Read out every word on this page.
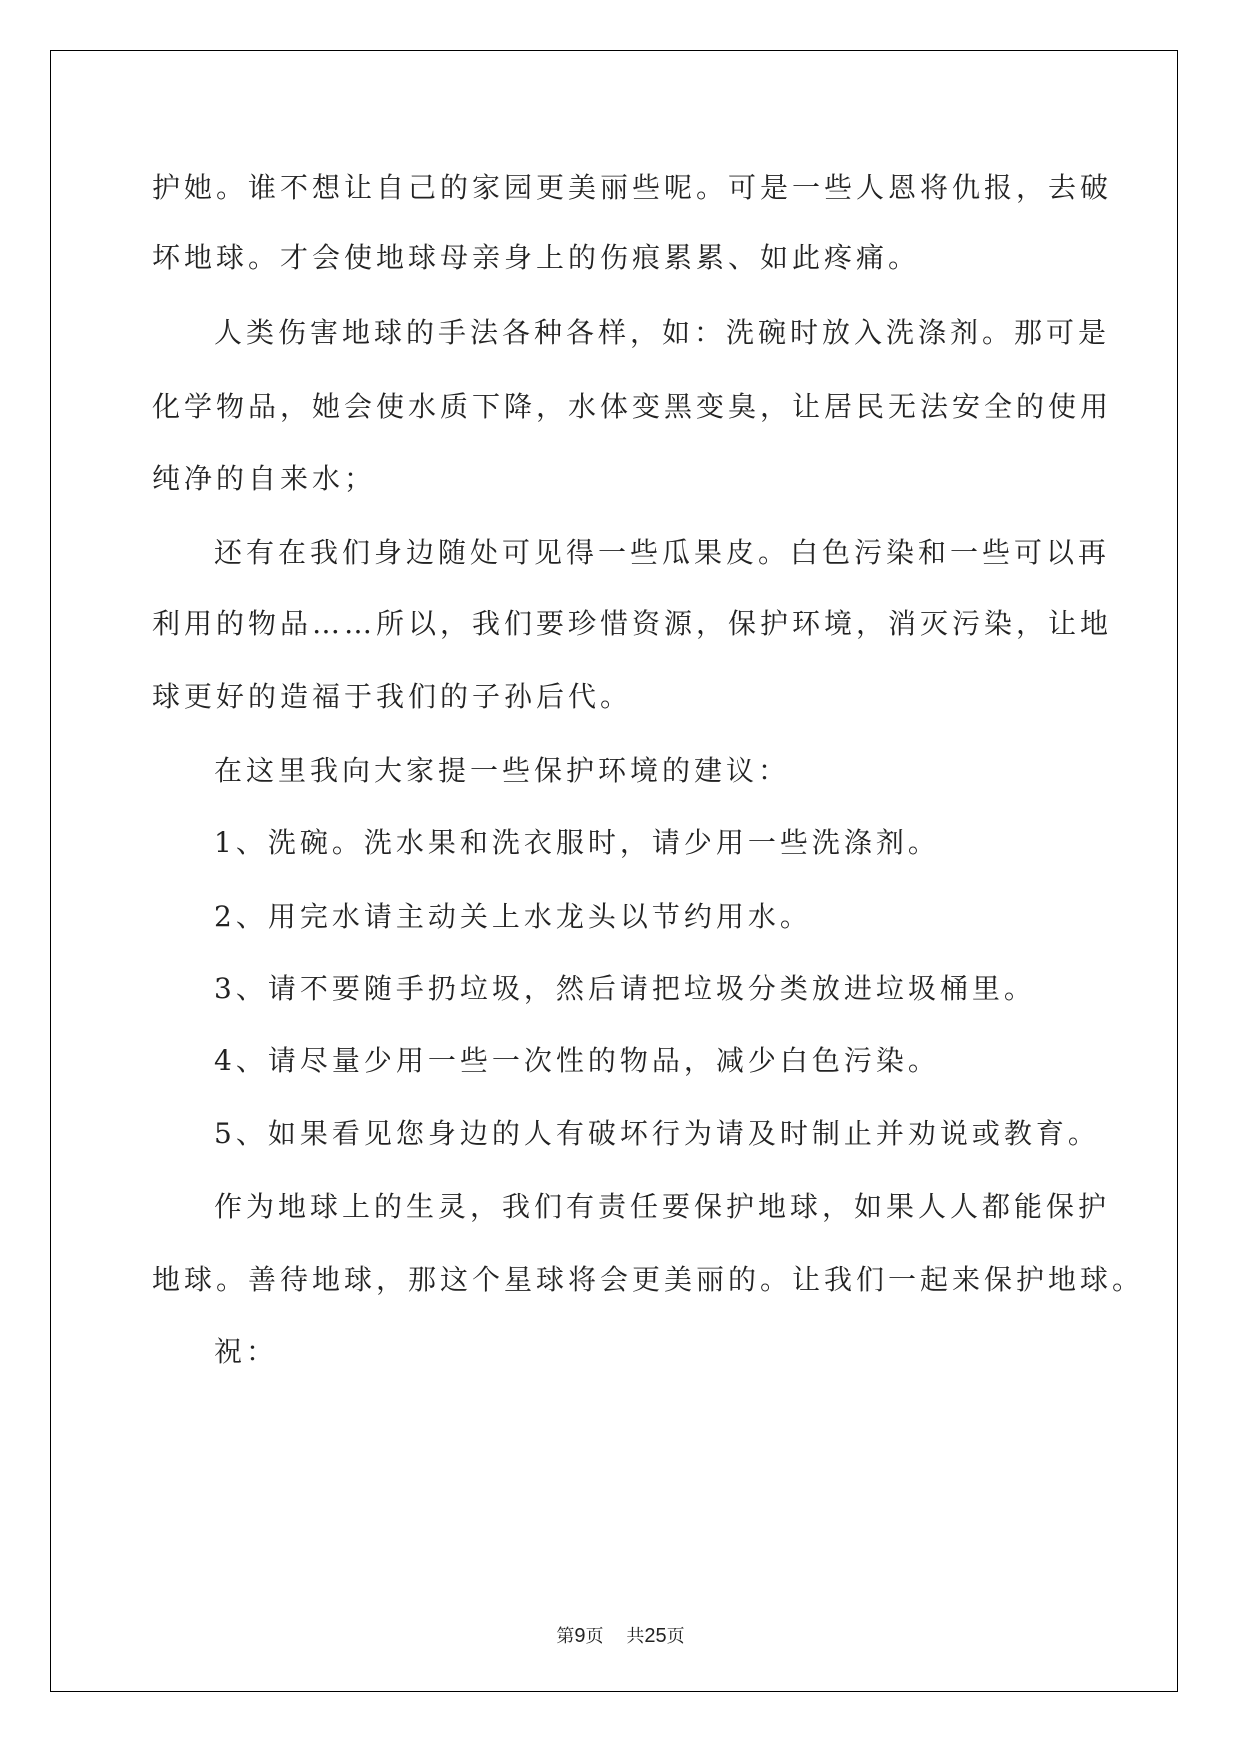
护她。谁不想让自己的家园更美丽些呢。可是一些人恩将仇报，去破
坏地球。才会使地球母亲身上的伤痕累累、如此疼痛。
人类伤害地球的手法各种各样，如：洗碗时放入洗涤剂。那可是
化学物品，她会使水质下降，水体变黑变臭，让居民无法安全的使用
纯净的自来水；
还有在我们身边随处可见得一些瓜果皮。白色污染和一些可以再
利用的物品……所以，我们要珍惜资源，保护环境，消灭污染，让地
球更好的造福于我们的子孙后代。
在这里我向大家提一些保护环境的建议：
1、洗碗。洗水果和洗衣服时，请少用一些洗涤剂。
2、用完水请主动关上水龙头以节约用水。
3、请不要随手扔垃圾，然后请把垃圾分类放进垃圾桶里。
4、请尽量少用一些一次性的物品，减少白色污染。
5、如果看见您身边的人有破坏行为请及时制止并劝说或教育。
作为地球上的生灵，我们有责任要保护地球，如果人人都能保护
地球。善待地球，那这个星球将会更美丽的。让我们一起来保护地球。
祝：
第9页 共25页
